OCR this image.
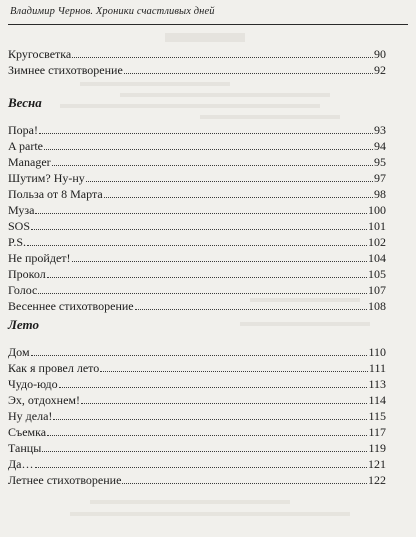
Владимир Чернов. Хроники счастливых дней
Кругосветка	90
Зимнее стихотворение	92
Весна
Пора!	93
A parte	94
Manager	95
Шутим? Ну-ну	97
Польза от 8 Марта	98
Муза	100
SOS	101
P.S.	102
Не пройдет!	104
Прокол	105
Голос	107
Весеннее стихотворение	108
Лето
Дом	110
Как я провел лето	111
Чудо-юдо	113
Эх, отдохнем!	114
Ну дела!	115
Съемка	117
Танцы	119
Да…	121
Летнее стихотворение	122
